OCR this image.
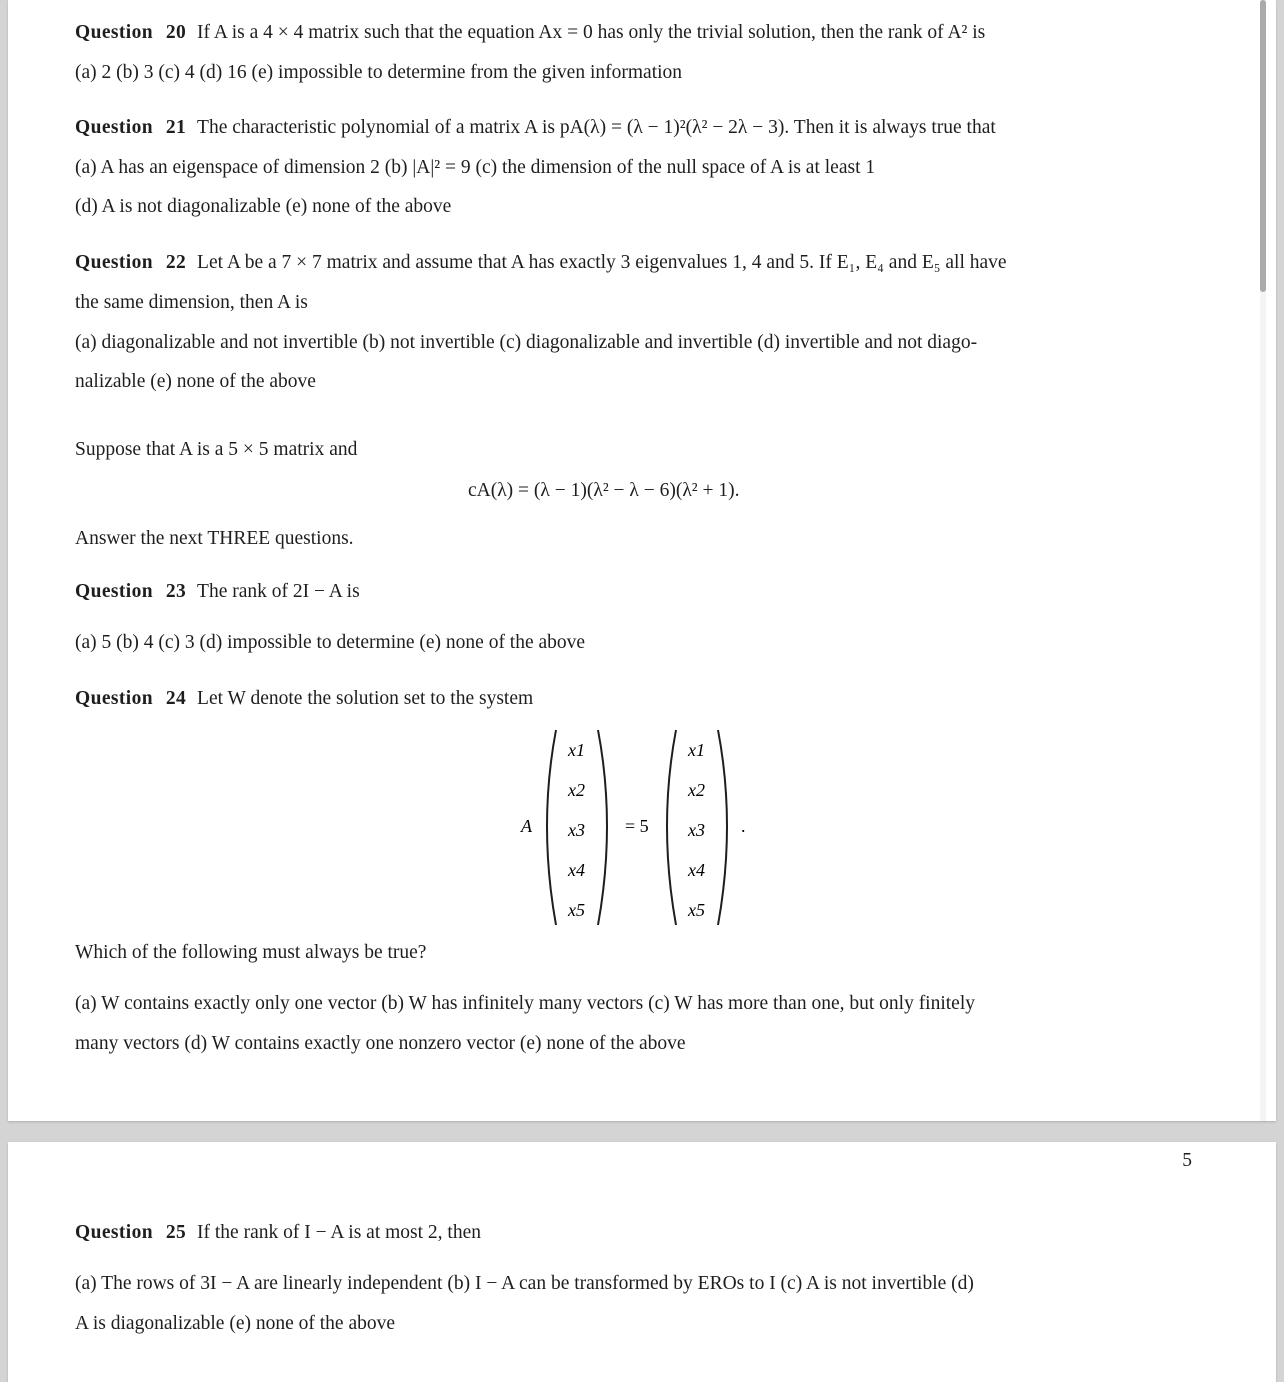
Question 20 If A is a 4 × 4 matrix such that the equation Ax = 0 has only the trivial solution, then the rank of A² is
(a) 2 (b) 3 (c) 4 (d) 16 (e) impossible to determine from the given information
Question 21 The characteristic polynomial of a matrix A is pA(λ) = (λ − 1)²(λ² − 2λ − 3). Then it is always true that
(a) A has an eigenspace of dimension 2 (b) |A|² = 9 (c) the dimension of the null space of A is at least 1
(d) A is not diagonalizable (e) none of the above
Question 22 Let A be a 7 × 7 matrix and assume that A has exactly 3 eigenvalues 1, 4 and 5. If E₁, E₄ and E₅ all have
the same dimension, then A is
(a) diagonalizable and not invertible (b) not invertible (c) diagonalizable and invertible (d) invertible and not diago-
nalizable (e) none of the above
Suppose that A is a 5 × 5 matrix and
cA(λ) = (λ − 1)(λ² − λ − 6)(λ² + 1).
Answer the next THREE questions.
Question 23 The rank of 2I − A is
(a) 5 (b) 4 (c) 3 (d) impossible to determine (e) none of the above
Question 24 Let W denote the solution set to the system
A
x1
x2
x3
x4
x5
= 5
x1
x2
x3
x4
x5
.
Which of the following must always be true?
(a) W contains exactly only one vector (b) W has infinitely many vectors (c) W has more than one, but only finitely
many vectors (d) W contains exactly one nonzero vector (e) none of the above
5
Question 25 If the rank of I − A is at most 2, then
(a) The rows of 3I − A are linearly independent (b) I − A can be transformed by EROs to I (c) A is not invertible (d)
A is diagonalizable (e) none of the above
